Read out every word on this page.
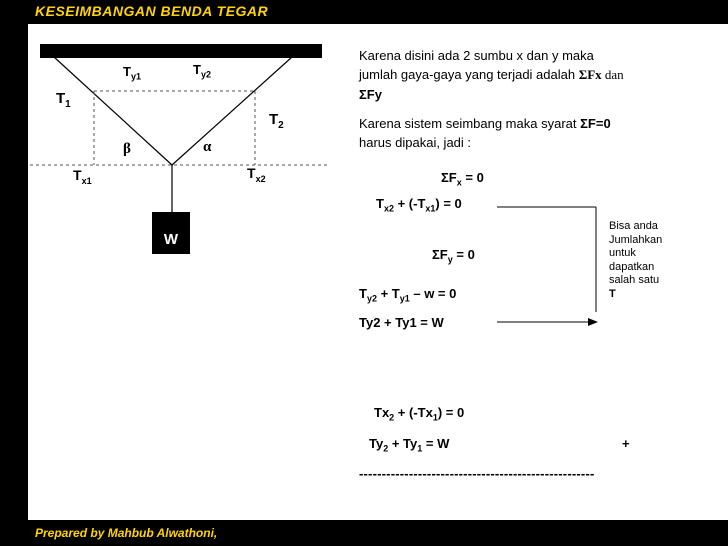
KESEIMBANGAN BENDA TEGAR
$T_{y1}$	$T_{y2}$
$T_1$
$T_2$
β	α
$T_{x1}$	$T_{x2}$
W
Karena disini ada 2 sumbu x dan y maka
jumlah gaya-gaya yang terjadi adalah ΣFx dan
ΣFy
Karena sistem seimbang maka syarat ΣF=0
harus dipakai, jadi :
$\Sigma F_x = 0$
$T_{x2} + (-T_{x1}) = 0$
$\Sigma F_y = 0$
$T_{y2} + T_{y1} - w = 0$
Ty2 + Ty1 = W
Bisa anda
Jumlahkan
untuk
dapatkan
salah satu
T
$Tx_2 + (-Tx_1) = 0$
$Ty_2 + Ty_1 = W$	+
----------------------------------------------------
Prepared by Mahbub Alwathoni,
